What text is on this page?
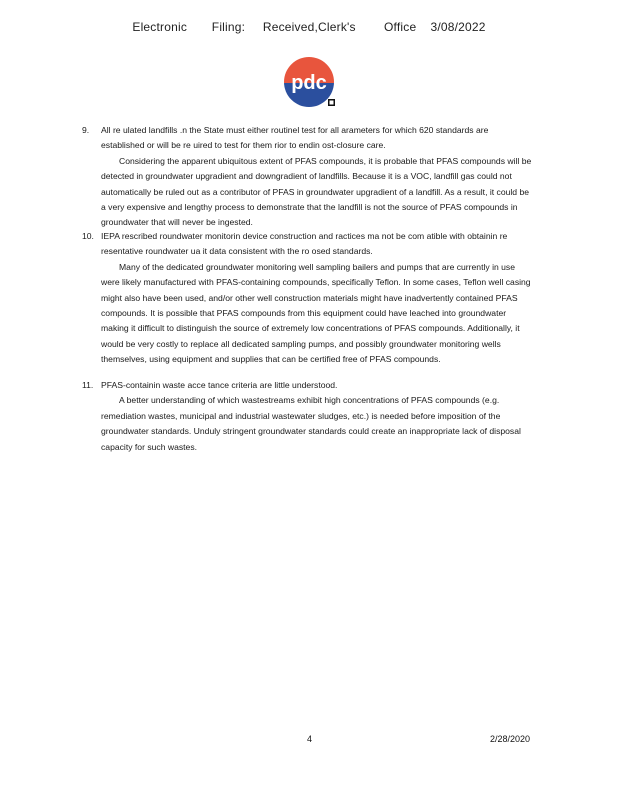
Electronic       Filing:     Received,Clerk's        Office    3/08/2022
pdc
9. All re ulated landfills .n the State must either routinel test for all arameters for which 620 standards are established or will be re uired to test for them rior to endin ost-closure care.
Considering the apparent ubiquitous extent of PFAS compounds, it is probable that PFAS compounds will be detected in groundwater upgradient and downgradient of landfills. Because it is a VOC, landfill gas could not automatically be ruled out as a contributor of PFAS in groundwater upgradient of a landfill. As a result, it could be a very expensive and lengthy process to demonstrate that the landfill is not the source of PFAS compounds in groundwater that will never be ingested.
10. IEPA rescribed roundwater monitorin device construction and ractices ma not be com atible with obtainin re resentative roundwater ua it data consistent with the ro osed standards.
Many of the dedicated groundwater monitoring well sampling bailers and pumps that are currently in use were likely manufactured with PFAS-containing compounds, specifically Teflon. In some cases, Teflon well casing might also have been used, and/or other well construction materials might have inadvertently contained PFAS compounds. It is possible that PFAS compounds from this equipment could have leached into groundwater making it difficult to distinguish the source of extremely low concentrations of PFAS compounds. Additionally, it would be very costly to replace all dedicated sampling pumps, and possibly groundwater monitoring wells themselves, using equipment and supplies that can be certified free of PFAS compounds.
11. PFAS-containin waste acce tance criteria are little understood.
A better understanding of which wastestreams exhibit high concentrations of PFAS compounds (e.g. remediation wastes, municipal and industrial wastewater sludges, etc.) is needed before imposition of the groundwater standards. Unduly stringent groundwater standards could create an inappropriate lack of disposal capacity for such wastes.
4	2/28/2020
